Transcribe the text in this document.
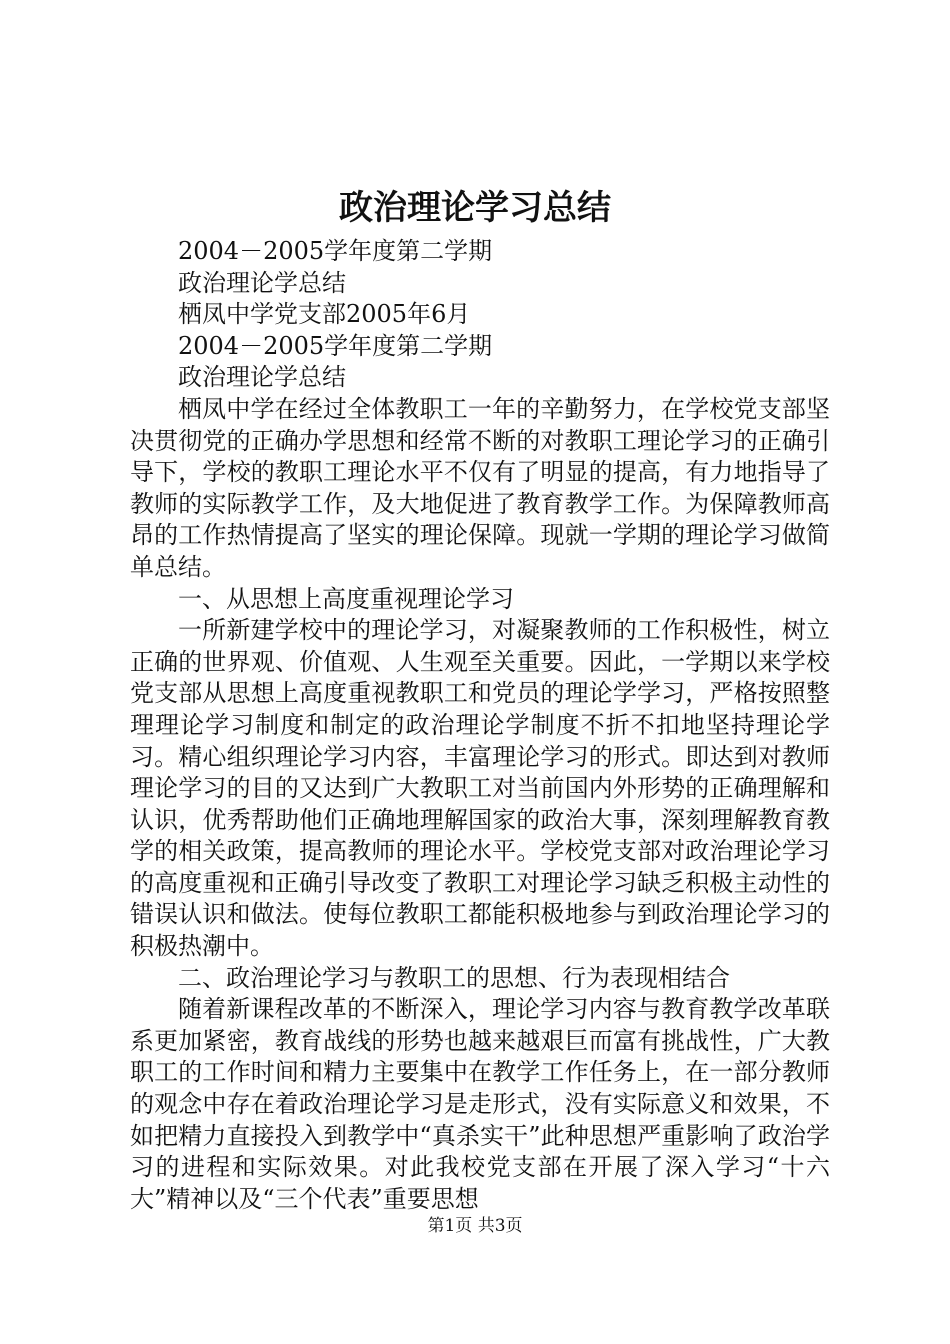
政治理论学习总结

2004－2005学年度第二学期

政治理论学总结

栖凤中学党支部2005年6月

2004－2005学年度第二学期

政治理论学总结

栖凤中学在经过全体教职工一年的辛勤努力，在学校党支部坚决贯彻党的正确办学思想和经常不断的对教职工理论学习的正确引导下，学校的教职工理论水平不仅有了明显的提高，有力地指导了教师的实际教学工作，及大地促进了教育教学工作。为保障教师高昂的工作热情提高了坚实的理论保障。现就一学期的理论学习做简单总结。

一、从思想上高度重视理论学习

一所新建学校中的理论学习，对凝聚教师的工作积极性，树立正确的世界观、价值观、人生观至关重要。因此，一学期以来学校党支部从思想上高度重视教职工和党员的理论学学习，严格按照整理理论学习制度和制定的政治理论学制度不折不扣地坚持理论学习。精心组织理论学习内容，丰富理论学习的形式。即达到对教师理论学习的目的又达到广大教职工对当前国内外形势的正确理解和认识，优秀帮助他们正确地理解国家的政治大事，深刻理解教育教学的相关政策，提高教师的理论水平。学校党支部对政治理论学习的高度重视和正确引导改变了教职工对理论学习缺乏积极主动性的错误认识和做法。使每位教职工都能积极地参与到政治理论学习的积极热潮中。

二、政治理论学习与教职工的思想、行为表现相结合

随着新课程改革的不断深入，理论学习内容与教育教学改革联系更加紧密，教育战线的形势也越来越艰巨而富有挑战性，广大教职工的工作时间和精力主要集中在教学工作任务上，在一部分教师的观念中存在着政治理论学习是走形式，没有实际意义和效果，不如把精力直接投入到教学中“真杀实干”此种思想严重影响了政治学习的进程和实际效果。对此我校党支部在开展了深入学习“十六大”精神以及“三个代表”重要思想

第1页 共3页
